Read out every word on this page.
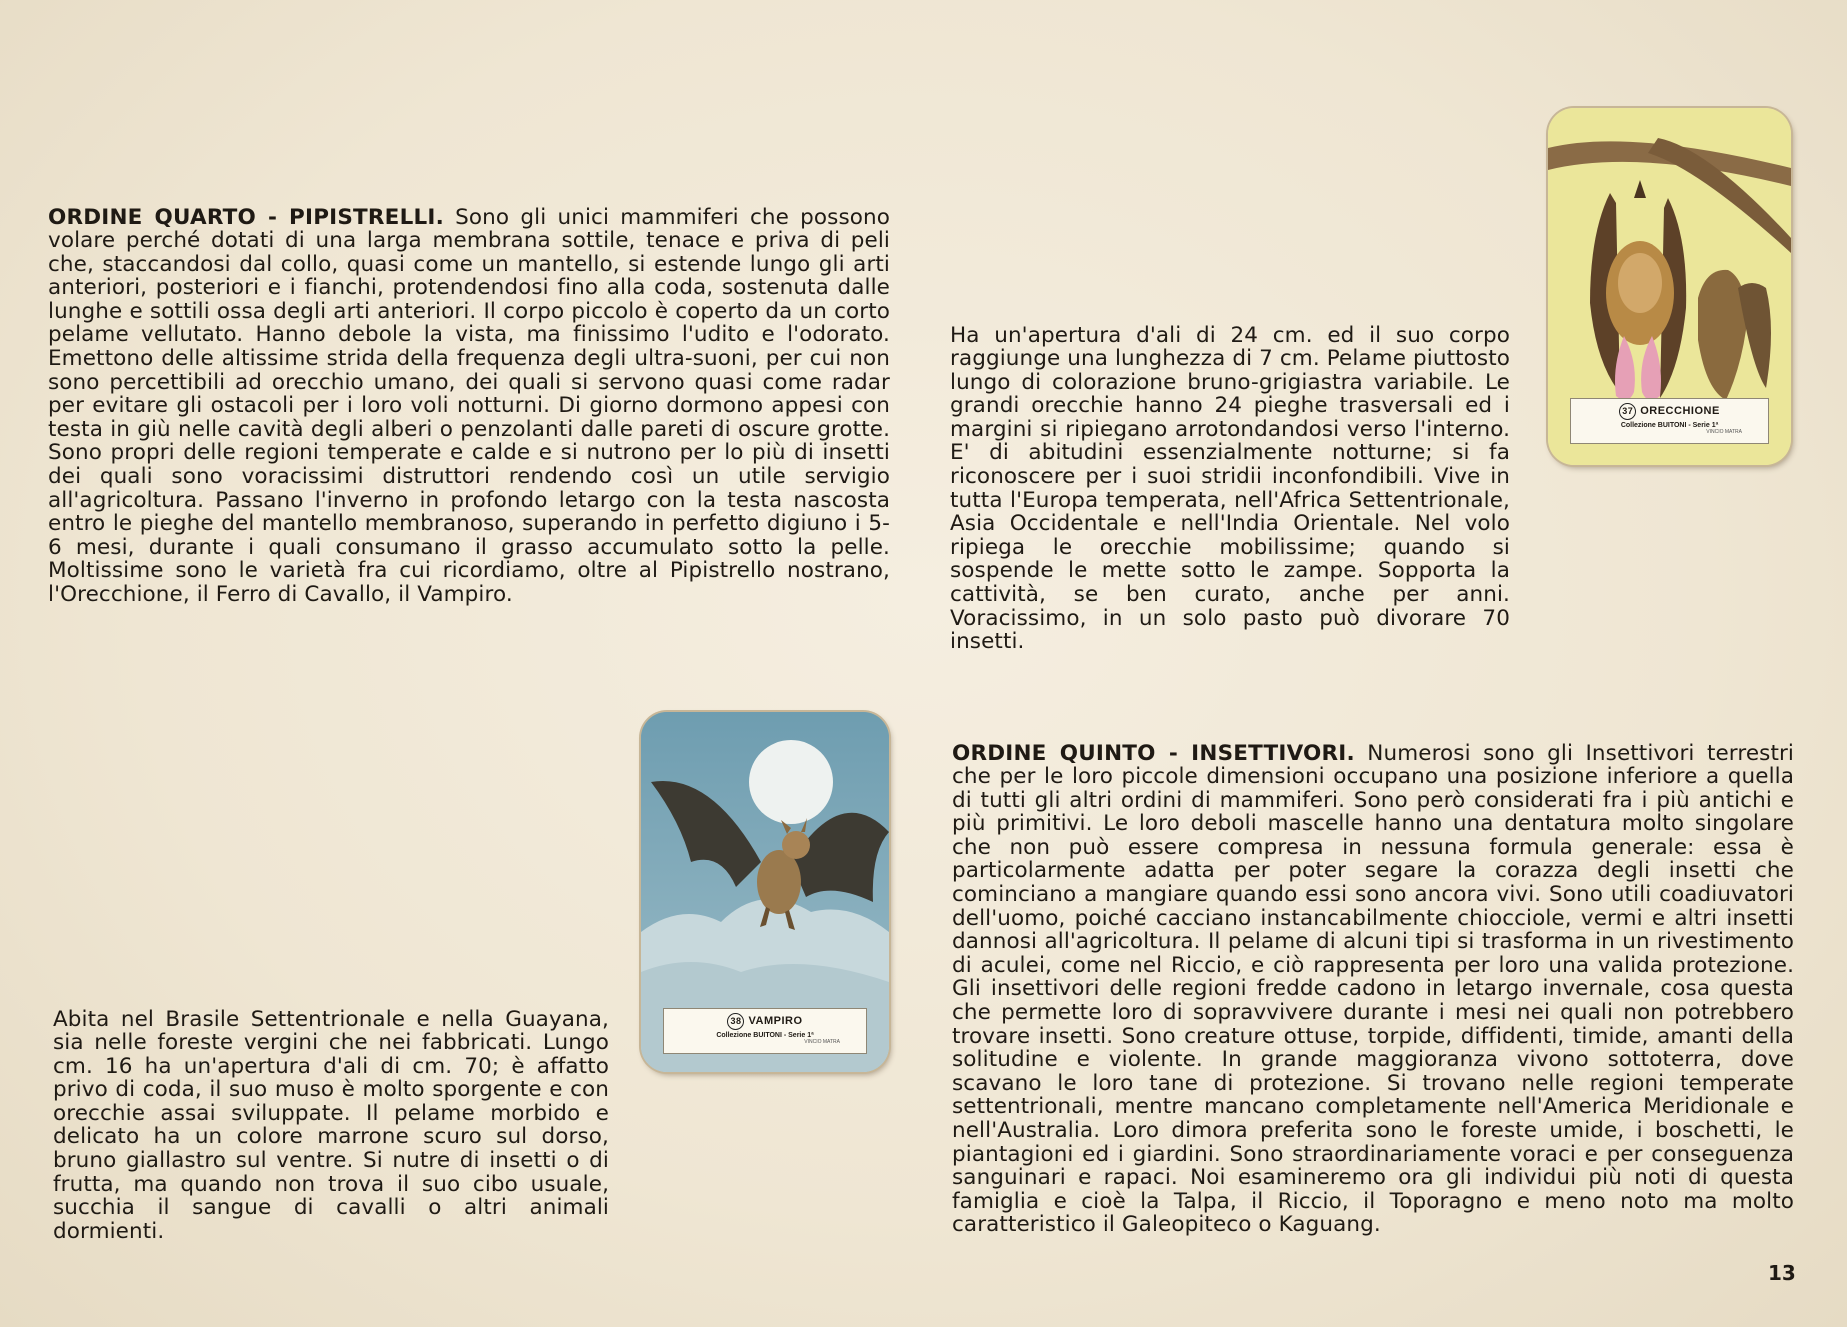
ORDINE QUARTO - PIPISTRELLI. Sono gli unici mammiferi che possono volare perché dotati di una larga membrana sottile, tenace e priva di peli che, staccandosi dal collo, quasi come un mantello, si estende lungo gli arti anteriori, posteriori e i fianchi, protendendosi fino alla coda, sostenuta dalle lunghe e sottili ossa degli arti anteriori. Il corpo piccolo è coperto da un corto pelame vellutato. Hanno debole la vista, ma finissimo l'udito e l'odorato. Emettono delle altissime strida della frequenza degli ultra-suoni, per cui non sono percettibili ad orecchio umano, dei quali si servono quasi come radar per evitare gli ostacoli per i loro voli notturni. Di giorno dormono appesi con testa in giù nelle cavità degli alberi o penzolanti dalle pareti di oscure grotte. Sono propri delle regioni temperate e calde e si nutrono per lo più di insetti dei quali sono voracissimi distruttori rendendo così un utile servigio all'agricoltura. Passano l'inverno in profondo letargo con la testa nascosta entro le pieghe del mantello membranoso, superando in perfetto digiuno i 5-6 mesi, durante i quali consumano il grasso accumulato sotto la pelle. Moltissime sono le varietà fra cui ricordiamo, oltre al Pipistrello nostrano, l'Orecchione, il Ferro di Cavallo, il Vampiro.

Ha un'apertura d'ali di 24 cm. ed il suo corpo raggiunge una lunghezza di 7 cm. Pelame piuttosto lungo di colorazione bruno-grigiastra variabile. Le grandi orecchie hanno 24 pieghe trasversali ed i margini si ripiegano arrotondandosi verso l'interno. E' di abitudini essenzialmente notturne; si fa riconoscere per i suoi stridii inconfondibili. Vive in tutta l'Europa temperata, nell'Africa Settentrionale, Asia Occidentale e nell'India Orientale. Nel volo ripiega le orecchie mobilissime; quando si sospende le mette sotto le zampe. Sopporta la cattività, se ben curato, anche per anni. Voracissimo, in un solo pasto può divorare 70 insetti.

37 ORECCHIONE
Collezione BUITONI - Serie 1ª
VINCIO MATRA

Abita nel Brasile Settentrionale e nella Guayana, sia nelle foreste vergini che nei fabbricati. Lungo cm. 16 ha un'apertura d'ali di cm. 70; è affatto privo di coda, il suo muso è molto sporgente e con orecchie assai sviluppate. Il pelame morbido e delicato ha un colore marrone scuro sul dorso, bruno giallastro sul ventre. Si nutre di insetti o di frutta, ma quando non trova il suo cibo usuale, succhia il sangue di cavalli o altri animali dormienti.

38 VAMPIRO
Collezione BUITONI - Serie 1ª
VINCIO MATRA

ORDINE QUINTO - INSETTIVORI. Numerosi sono gli Insettivori terrestri che per le loro piccole dimensioni occupano una posizione inferiore a quella di tutti gli altri ordini di mammiferi. Sono però considerati fra i più antichi e più primitivi. Le loro deboli mascelle hanno una dentatura molto singolare che non può essere compresa in nessuna formula generale: essa è particolarmente adatta per poter segare la corazza degli insetti che cominciano a mangiare quando essi sono ancora vivi. Sono utili coadiuvatori dell'uomo, poiché cacciano instancabilmente chiocciole, vermi e altri insetti dannosi all'agricoltura. Il pelame di alcuni tipi si trasforma in un rivestimento di aculei, come nel Riccio, e ciò rappresenta per loro una valida protezione. Gli insettivori delle regioni fredde cadono in letargo invernale, cosa questa che permette loro di sopravvivere durante i mesi nei quali non potrebbero trovare insetti. Sono creature ottuse, torpide, diffidenti, timide, amanti della solitudine e violente. In grande maggioranza vivono sottoterra, dove scavano le loro tane di protezione. Si trovano nelle regioni temperate settentrionali, mentre mancano completamente nell'America Meridionale e nell'Australia. Loro dimora preferita sono le foreste umide, i boschetti, le piantagioni ed i giardini. Sono straordinariamente voraci e per conseguenza sanguinari e rapaci. Noi esamineremo ora gli individui più noti di questa famiglia e cioè la Talpa, il Riccio, il Toporagno e meno noto ma molto caratteristico il Galeopiteco o Kaguang.

13
